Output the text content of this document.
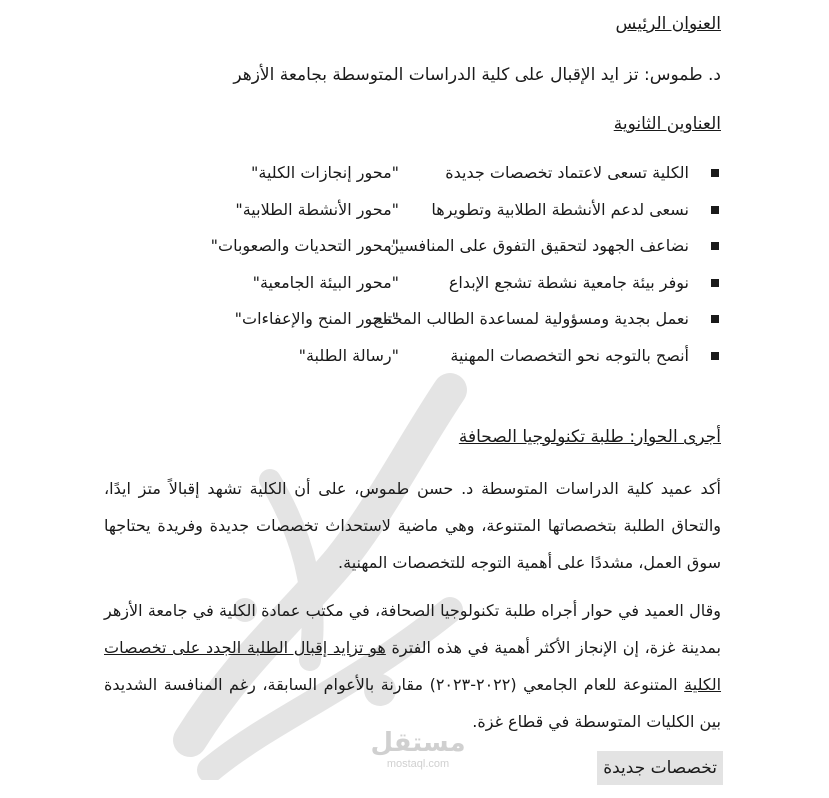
مستقل
mostaql.com
العنوان الرئيس
د. طموس: تز ايد الإقبال على كلية الدراسات المتوسطة بجامعة الأزهر
العناوين الثانوية
الكلية تسعى لاعتماد تخصصات جديدة
"محور إنجازات الكلية"
نسعى لدعم الأنشطة الطلابية وتطويرها
"محور الأنشطة الطلابية"
نضاعف الجهود لتحقيق التفوق على المنافسين
"محور التحديات والصعوبات"
نوفر بيئة جامعية نشطة تشجع الإبداع
"محور البيئة الجامعية"
نعمل بجدية ومسؤولية لمساعدة الطالب المحتاج
"محور المنح والإعفاءات"
أنصح بالتوجه نحو التخصصات المهنية
"رسالة الطلبة"
أجرى الحوار: طلبة تكنولوجيا الصحافة

أكد عميد كلية الدراسات المتوسطة د. حسن طموس، على أن الكلية تشهد إقبالاً متز ايدًا، والتحاق الطلبة بتخصصاتها المتنوعة، وهي ماضية لاستحداث تخصصات جديدة وفريدة يحتاجها سوق العمل، مشددًا على أهمية التوجه للتخصصات المهنية.

وقال العميد في حوار أجراه طلبة تكنولوجيا الصحافة، في مكتب عمادة الكلية في جامعة الأزهر بمدينة غزة، إن الإنجاز الأكثر أهمية في هذه الفترة هو تزايد إقبال الطلبة الجدد على تخصصات الكلية المتنوعة للعام الجامعي (٢٠٢٢-٢٠٢٣) مقارنة بالأعوام السابقة، رغم المنافسة الشديدة بين الكليات المتوسطة في قطاع غزة.

تخصصات جديدة
